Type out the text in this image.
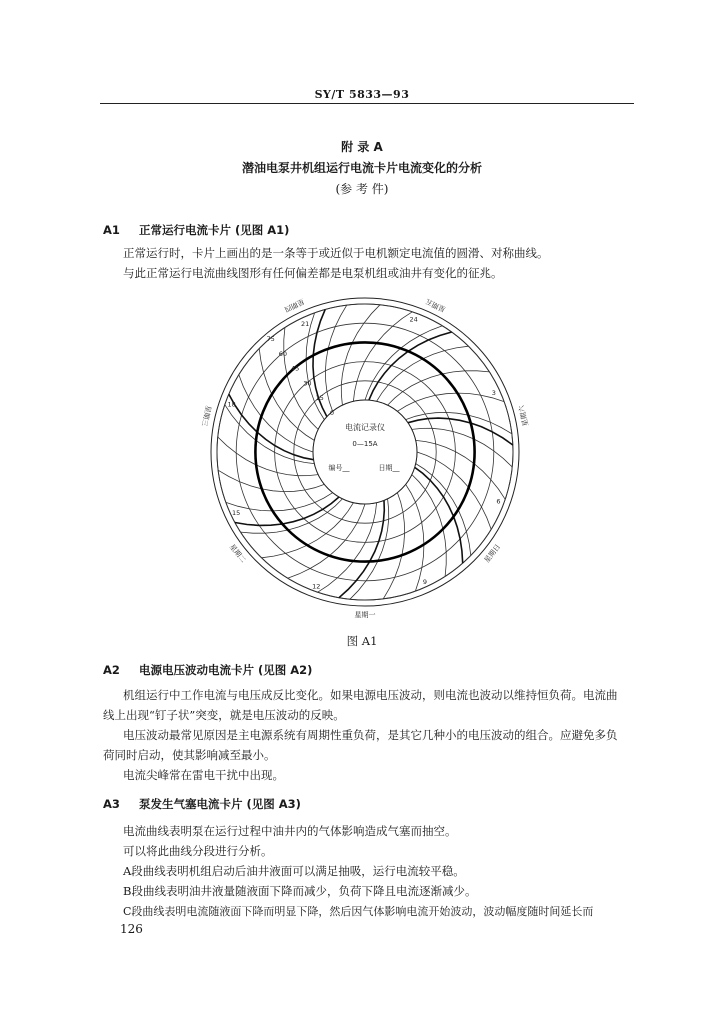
SY/T 5833—93
附 录 A
潜油电泵井机组运行电流卡片电流变化的分析
(参 考 件)
A1 正常运行电流卡片 (见图 A1)
正常运行时，卡片上画出的是一条等于或近似于电机额定电流值的圆滑、对称曲线。
与此正常运行电流曲线图形有任何偏差都是电泵机组或油井有变化的征兆。
电流记录仪
0—15A
编号__	日期__
0
15
30
45
60
75
24
3
6
9
12
15
18
21
星期一
星期二
星期三
星期四	星期五
星期六
星期日
图 A1
A2 电源电压波动电流卡片 (见图 A2)
机组运行中工作电流与电压成反比变化。如果电源电压波动，则电流也波动以维持恒负荷。电流曲
线上出现“钉子状”突变，就是电压波动的反映。
电压波动最常见原因是主电源系统有周期性重负荷，是其它几种小的电压波动的组合。应避免多负
荷同时启动，使其影响减至最小。
电流尖峰常在雷电干扰中出现。
A3 泵发生气塞电流卡片 (见图 A3)
电流曲线表明泵在运行过程中油井内的气体影响造成气塞而抽空。
可以将此曲线分段进行分析。
A段曲线表明机组启动后油井液面可以满足抽吸，运行电流较平稳。
B段曲线表明油井液量随液面下降而减少，负荷下降且电流逐渐减少。
C段曲线表明电流随液面下降而明显下降，然后因气体影响电流开始波动，波动幅度随时间延长而
126
